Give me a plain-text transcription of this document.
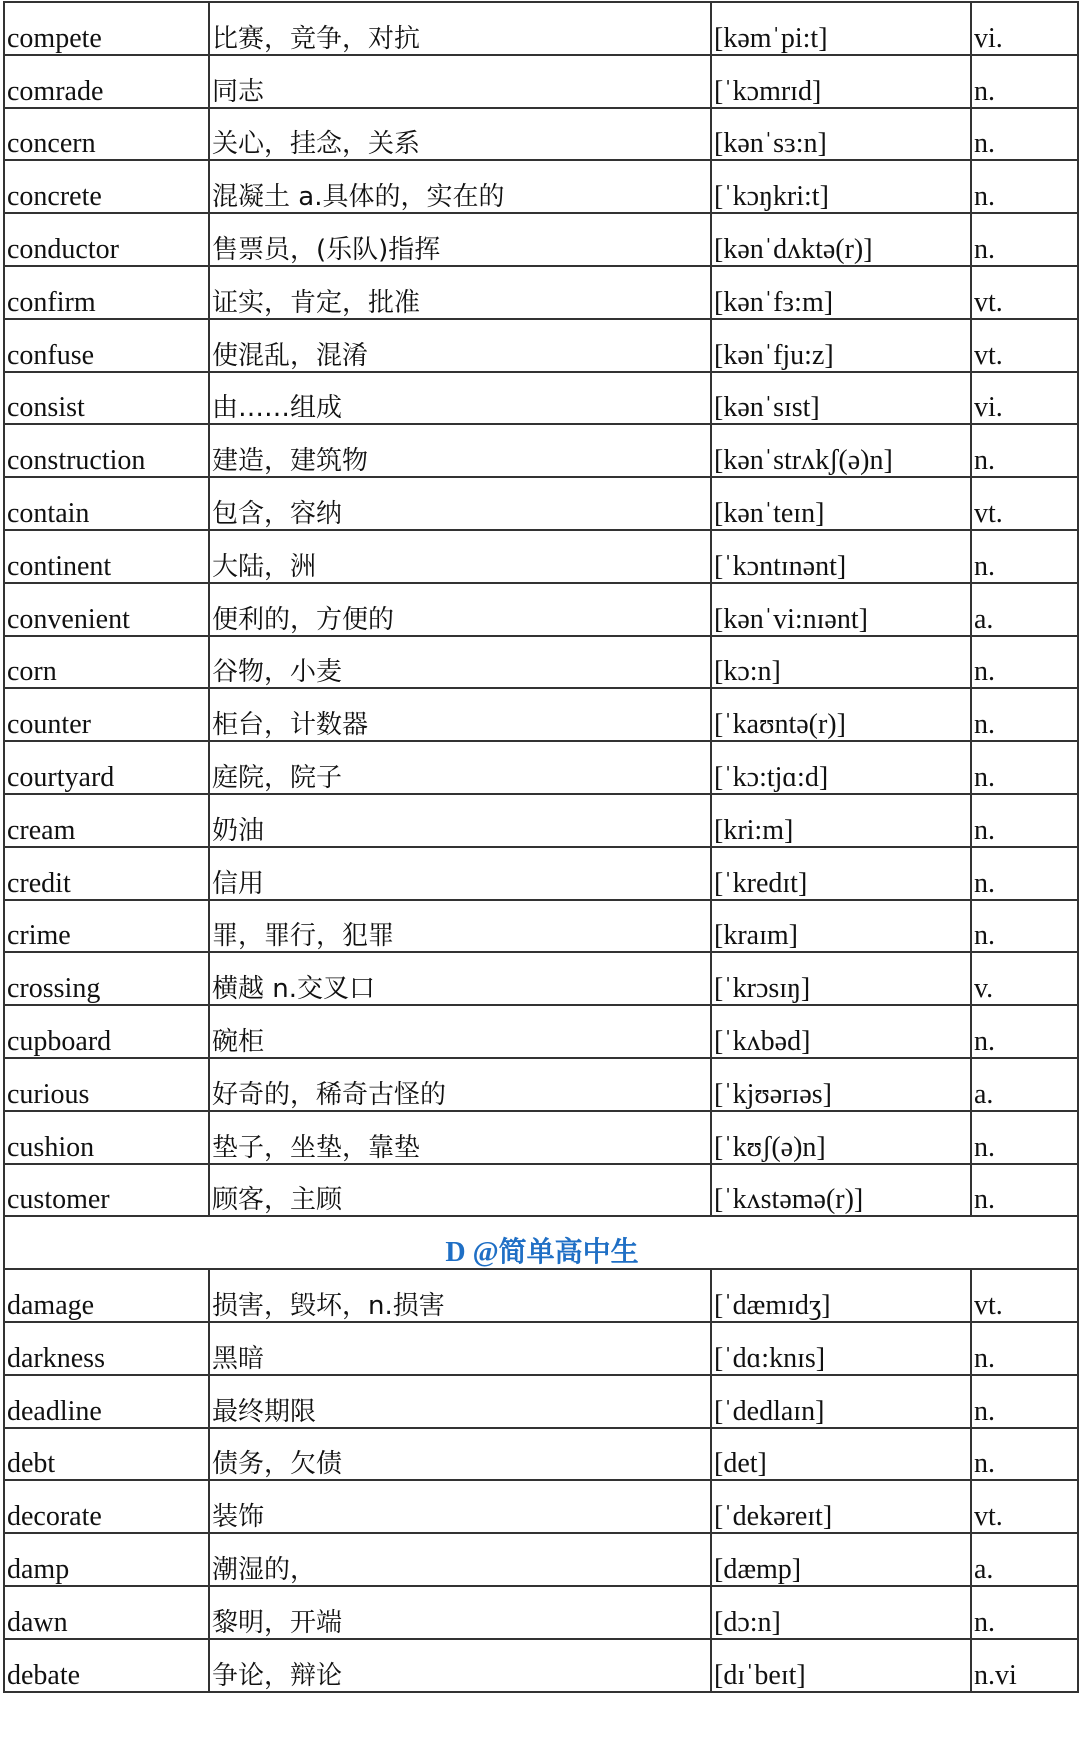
compete	比赛，竞争，对抗	[kəmˈpi:t]	vi.
comrade	同志	[ˈkɔmrɪd]	n.
concern	关心，挂念，关系	[kənˈsɜ:n]	n.
concrete	混凝土 a.具体的，实在的	[ˈkɔŋkri:t]	n.
conductor	售票员，(乐队)指挥	[kənˈdʌktə(r)]	n.
confirm	证实，肯定，批准	[kənˈfɜ:m]	vt.
confuse	使混乱，混淆	[kənˈfju:z]	vt.
consist	由……组成	[kənˈsɪst]	vi.
construction	建造，建筑物	[kənˈstrʌkʃ(ə)n]	n.
contain	包含，容纳	[kənˈteɪn]	vt.
continent	大陆，洲	[ˈkɔntɪnənt]	n.
convenient	便利的，方便的	[kənˈvi:nɪənt]	a.
corn	谷物，小麦	[kɔ:n]	n.
counter	柜台，计数器	[ˈkaʊntə(r)]	n.
courtyard	庭院，院子	[ˈkɔ:tjɑ:d]	n.
cream	奶油	[kri:m]	n.
credit	信用	[ˈkredɪt]	n.
crime	罪，罪行，犯罪	[kraɪm]	n.
crossing	横越 n.交叉口	[ˈkrɔsɪŋ]	v.
cupboard	碗柜	[ˈkʌbəd]	n.
curious	好奇的，稀奇古怪的	[ˈkjʊərɪəs]	a.
cushion	垫子，坐垫，靠垫	[ˈkʊʃ(ə)n]	n.
customer	顾客，主顾	[ˈkʌstəmə(r)]	n.
D @简单高中生			
damage	损害，毁坏，n.损害	[ˈdæmɪdʒ]	vt.
darkness	黑暗	[ˈdɑ:knɪs]	n.
deadline	最终期限	[ˈdedlaɪn]	n.
debt	债务，欠债	[det]	n.
decorate	装饰	[ˈdekəreɪt]	vt.
damp	潮湿的，	[dæmp]	a.
dawn	黎明，开端	[dɔ:n]	n.
debate	争论，辩论	[dɪˈbeɪt]	n.vi
